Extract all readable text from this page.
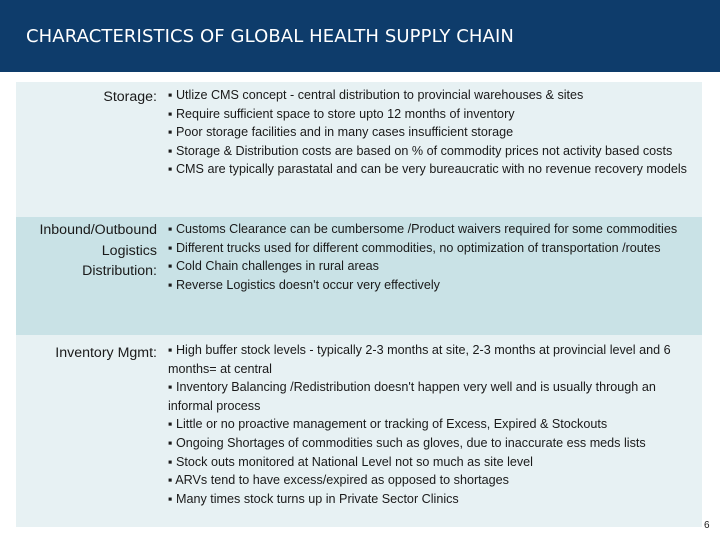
CHARACTERISTICS OF GLOBAL HEALTH SUPPLY CHAIN
Storage: ▪ Utlize CMS concept - central distribution to provincial warehouses & sites
▪ Require sufficient space to store upto 12 months of inventory
▪ Poor storage facilities and in many cases insufficient storage
▪ Storage & Distribution costs are based on % of commodity prices not activity based costs
▪ CMS are typically parastatal and can be very bureaucratic with no revenue recovery models
Inbound/Outbound
Logistics
Distribution:
▪ Customs Clearance can be cumbersome /Product waivers required for some commodities
▪ Different trucks used for different commodities, no optimization of transportation /routes
▪ Cold Chain challenges in rural areas
▪ Reverse Logistics doesn't occur very effectively
Inventory Mgmt: ▪ High buffer stock levels - typically 2-3 months at site, 2-3 months at provincial level and 6 months= at central
▪ Inventory Balancing /Redistribution doesn't happen very well and is usually through an informal process
▪ Little or no proactive management or tracking of Excess, Expired & Stockouts
▪ Ongoing Shortages of commodities such as gloves, due to inaccurate ess meds lists
▪ Stock outs monitored at National Level not so much as site level
▪ ARVs tend to have excess/expired as opposed to shortages
▪ Many times stock turns up in Private Sector Clinics
6
